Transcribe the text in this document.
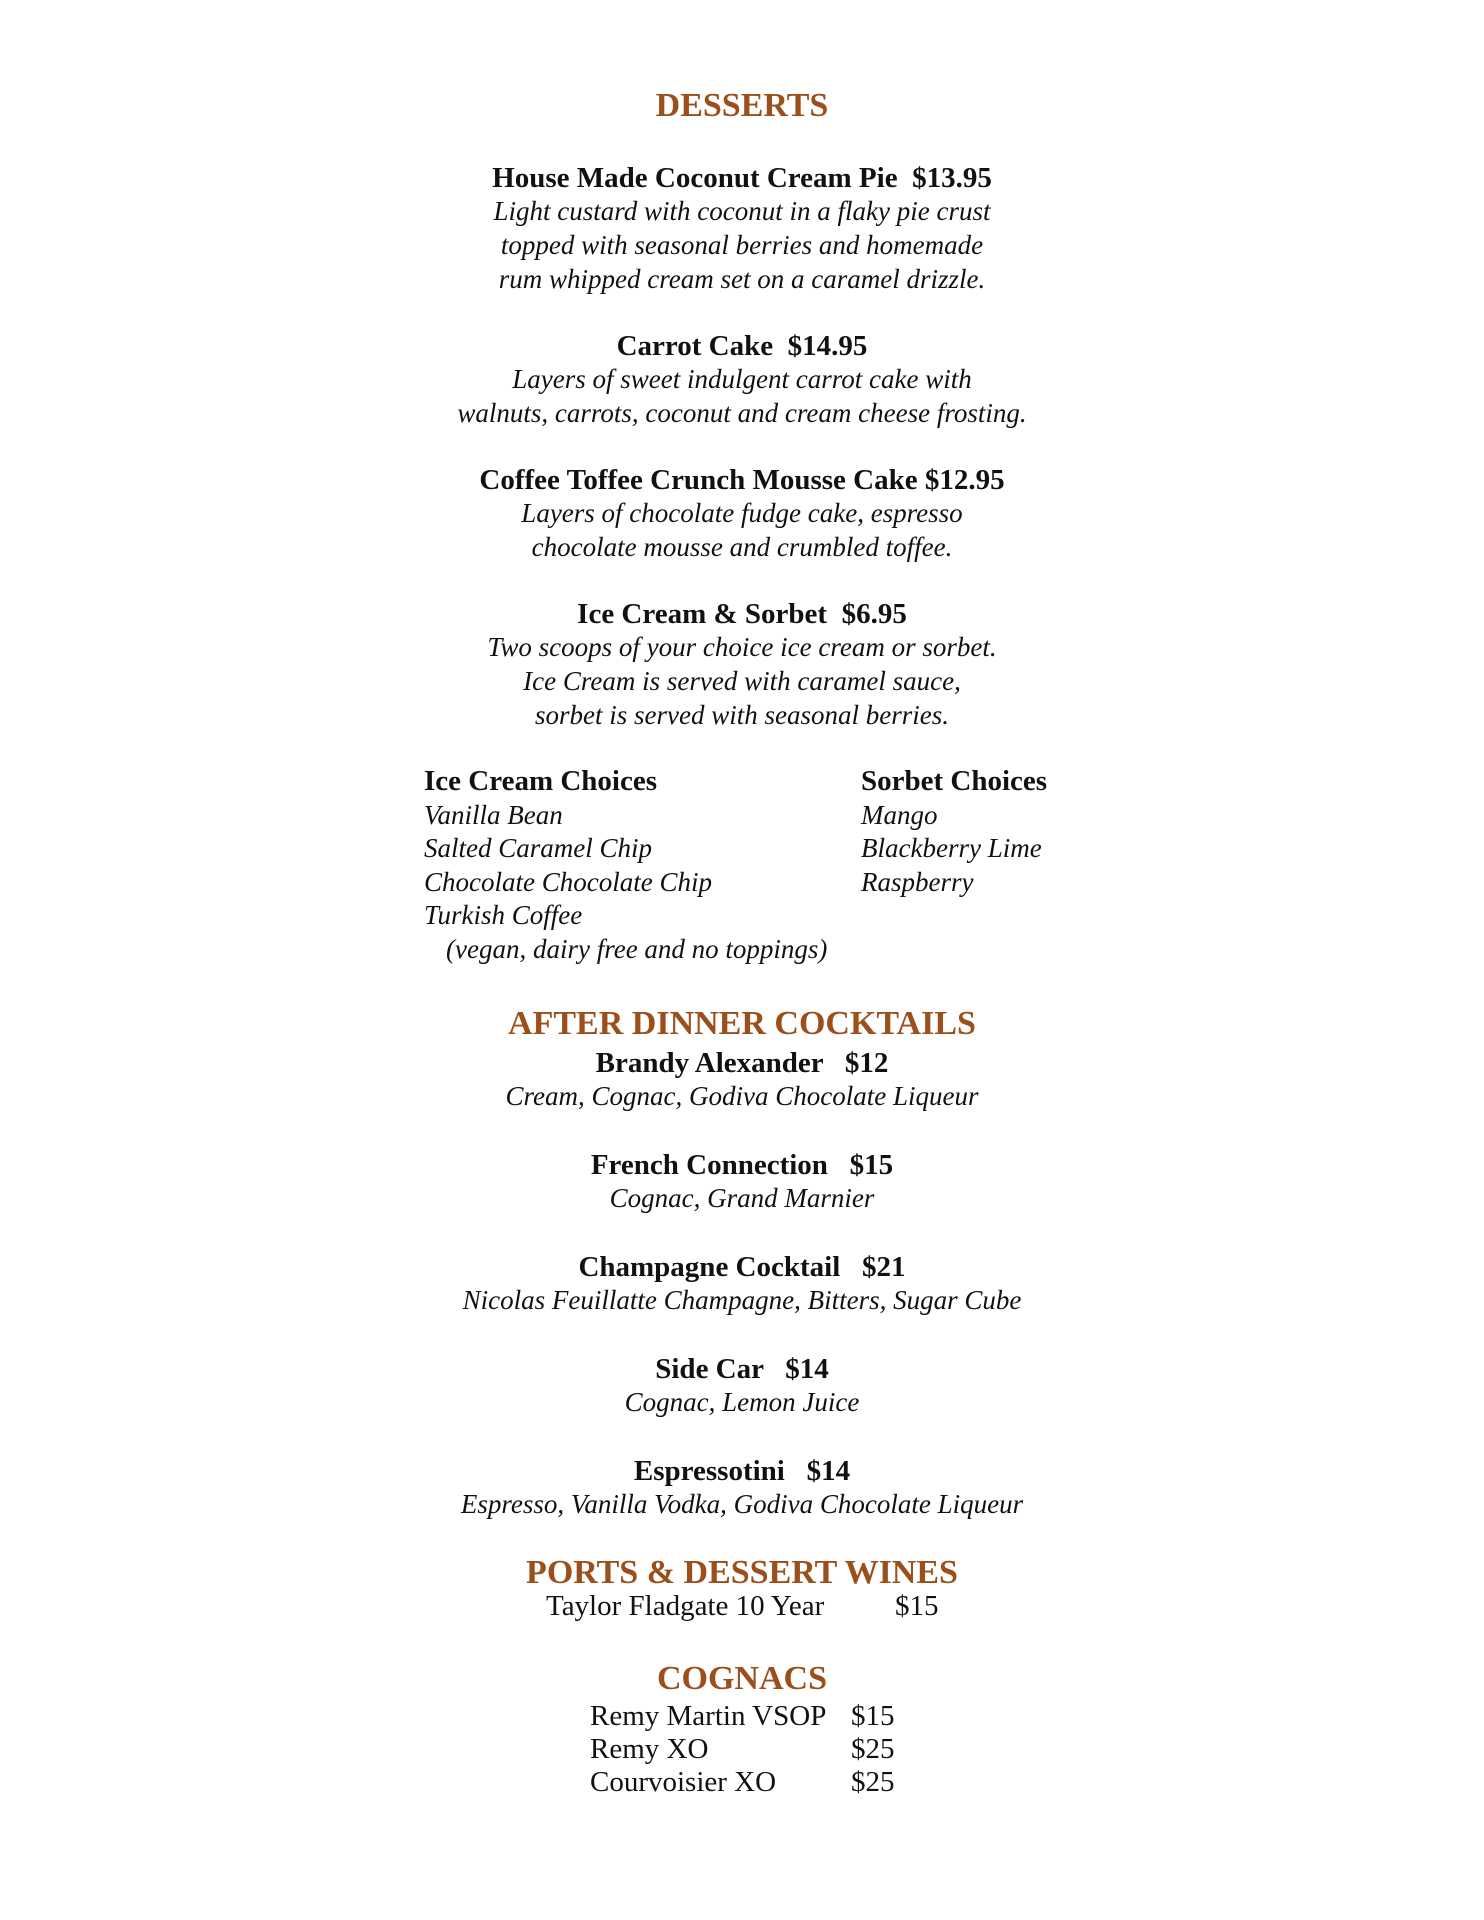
DESSERTS
House Made Coconut Cream Pie  $13.95
Light custard with coconut in a flaky pie crust
topped with seasonal berries and homemade
rum whipped cream set on a caramel drizzle.
Carrot Cake  $14.95
Layers of sweet indulgent carrot cake with
walnuts, carrots, coconut and cream cheese frosting.
Coffee Toffee Crunch Mousse Cake $12.95
Layers of chocolate fudge cake, espresso
chocolate mousse and crumbled toffee.
Ice Cream & Sorbet  $6.95
Two scoops of your choice ice cream or sorbet.
Ice Cream is served with caramel sauce,
sorbet is served with seasonal berries.
Ice Cream Choices
Vanilla Bean
Salted Caramel Chip
Chocolate Chocolate Chip
Turkish Coffee
(vegan, dairy free and no toppings)
Sorbet Choices
Mango
Blackberry Lime
Raspberry
AFTER DINNER COCKTAILS
Brandy Alexander   $12
Cream, Cognac, Godiva Chocolate Liqueur
French Connection   $15
Cognac, Grand Marnier
Champagne Cocktail   $21
Nicolas Feuillatte Champagne, Bitters, Sugar Cube
Side Car   $14
Cognac, Lemon Juice
Espressotini   $14
Espresso, Vanilla Vodka, Godiva Chocolate Liqueur
PORTS & DESSERT WINES
Taylor Fladgate 10 Year $15
COGNACS
Remy Martin VSOP $15
Remy XO	$25
Courvoisier XO	$25
